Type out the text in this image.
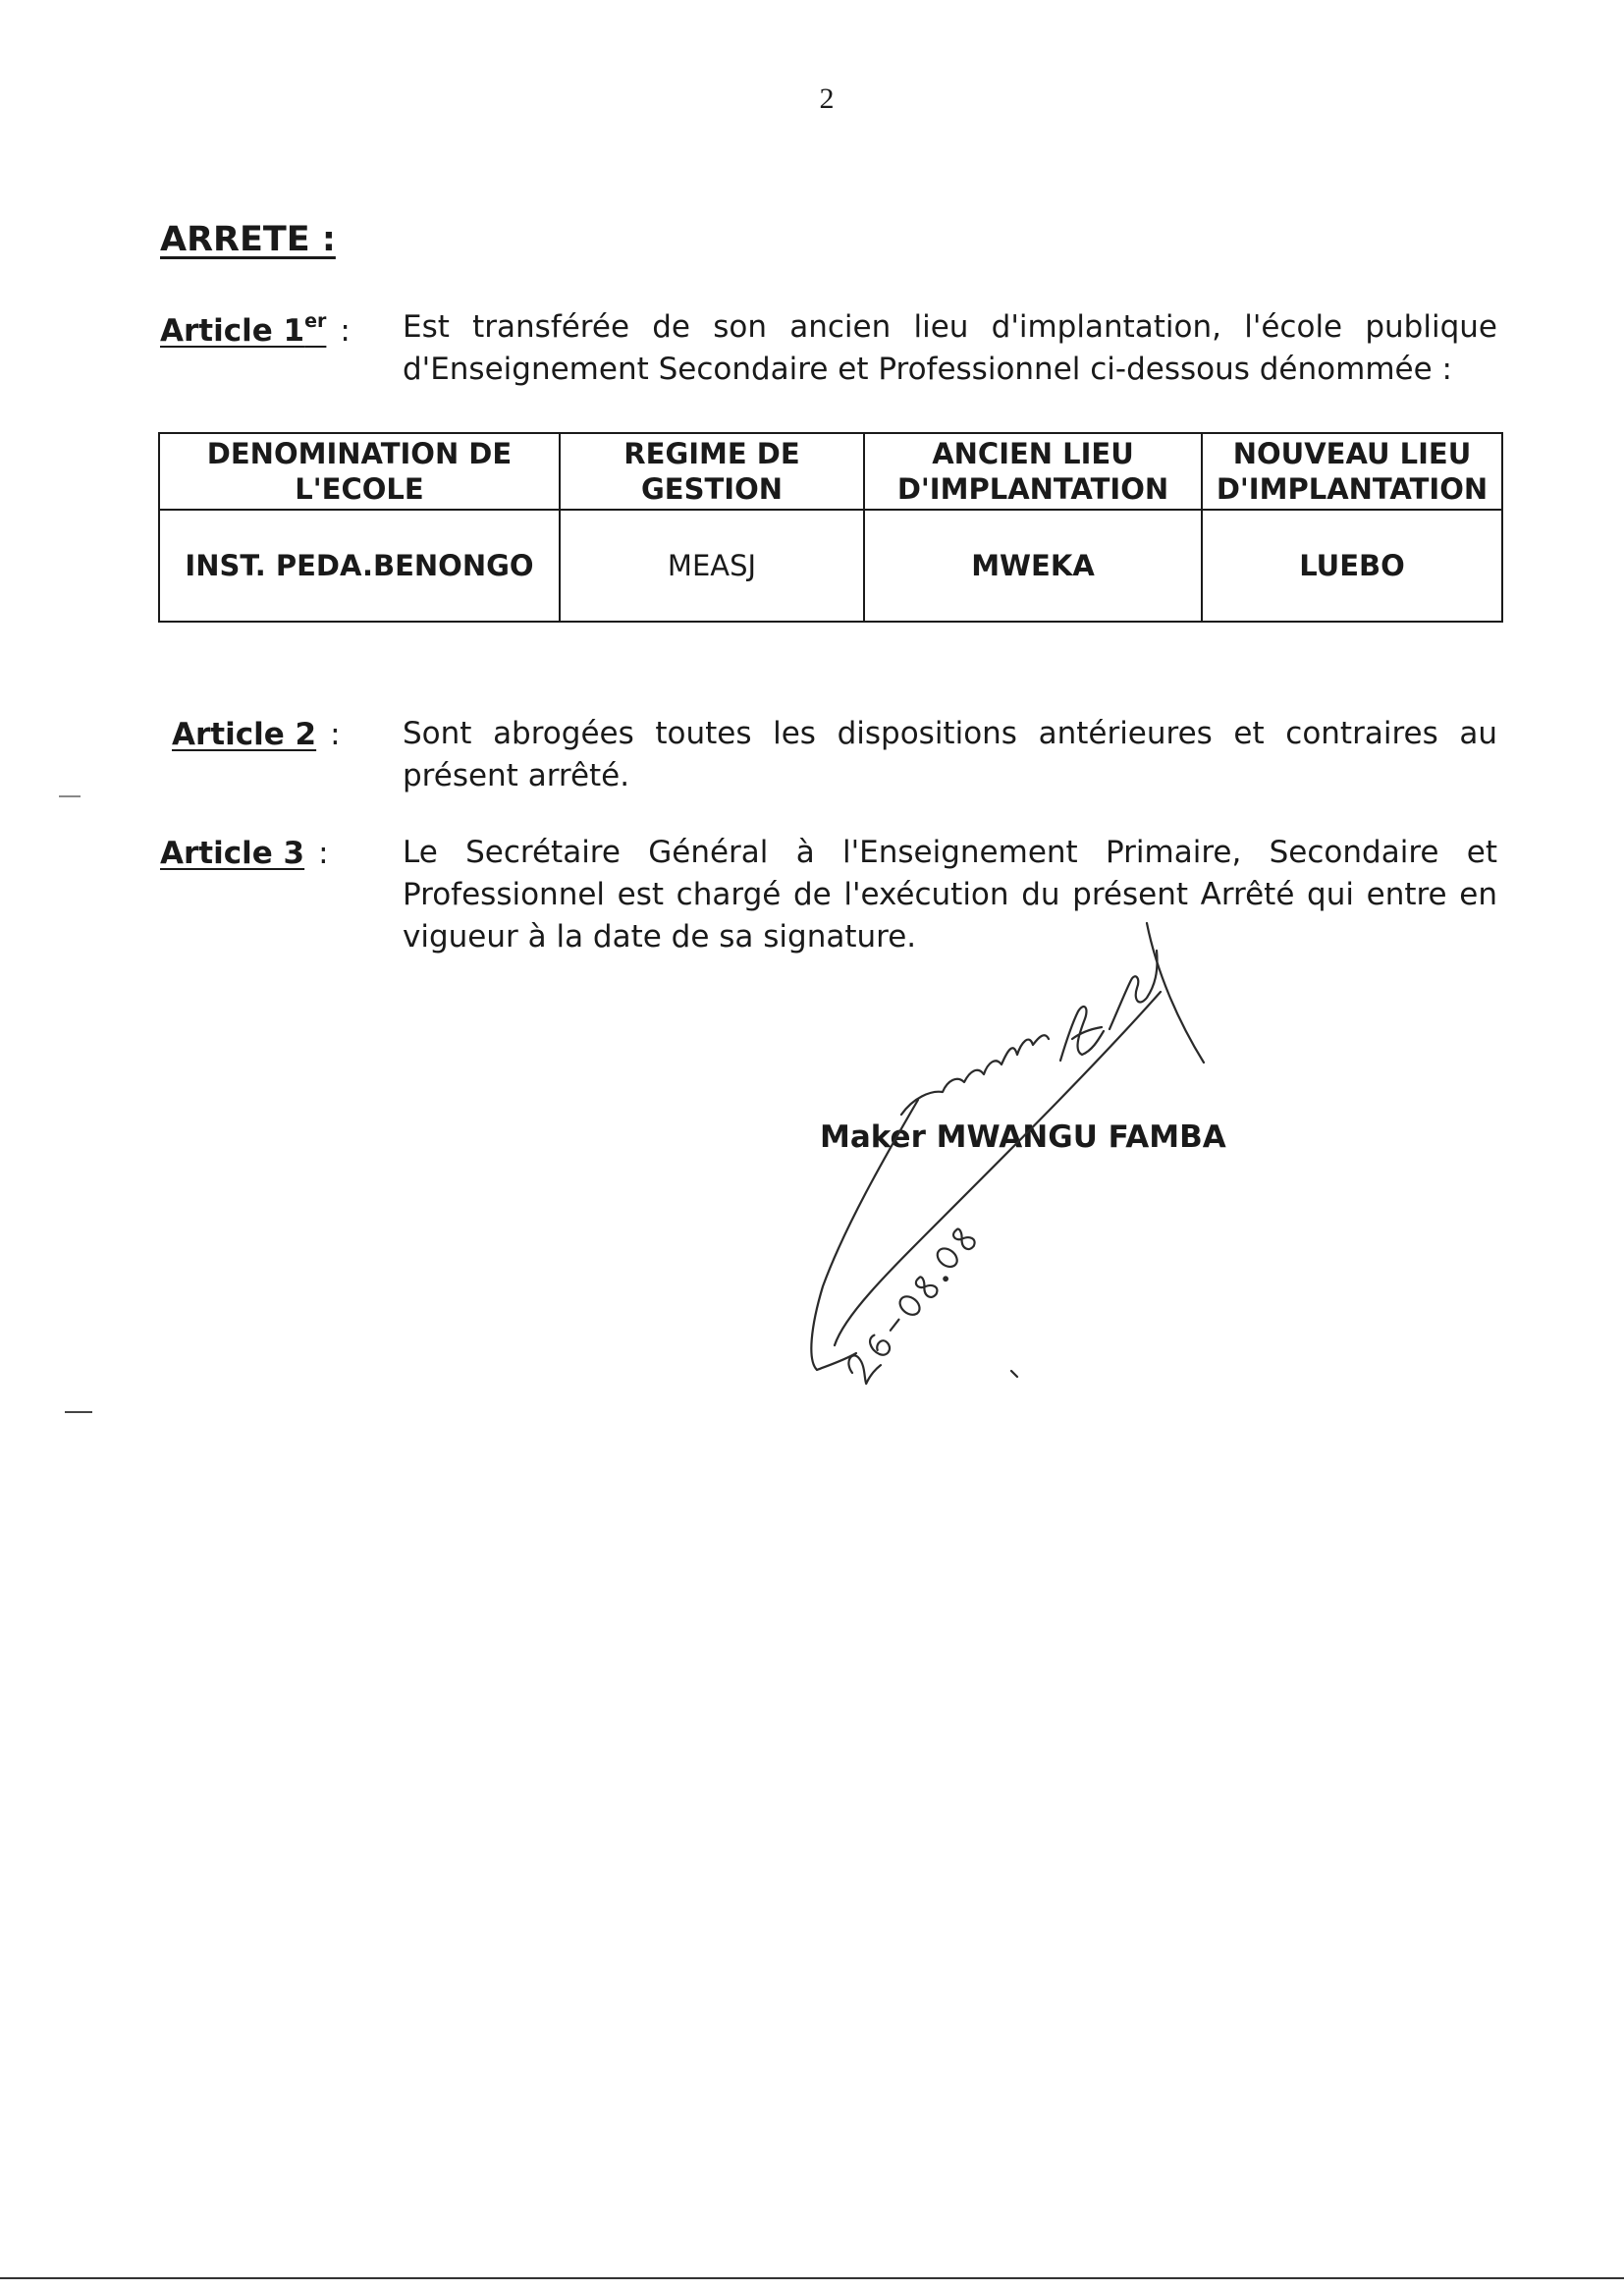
2
ARRETE :
Article 1er : Est transférée de son ancien lieu d'implantation, l'école publique d'Enseignement Secondaire et Professionnel ci-dessous dénommée :
DENOMINATION DE L'ECOLE	REGIME DE GESTION	ANCIEN LIEU D'IMPLANTATION	NOUVEAU LIEU D'IMPLANTATION
INST. PEDA.BENONGO	MEASJ	MWEKA	LUEBO
Article 2 : Sont abrogées toutes les dispositions antérieures et contraires au présent arrêté.
Article 3 : Le Secrétaire Général à l'Enseignement Primaire, Secondaire et Professionnel est chargé de l'exécution du présent Arrêté qui entre en vigueur à la date de sa signature.
Maker MWANGU FAMBA
